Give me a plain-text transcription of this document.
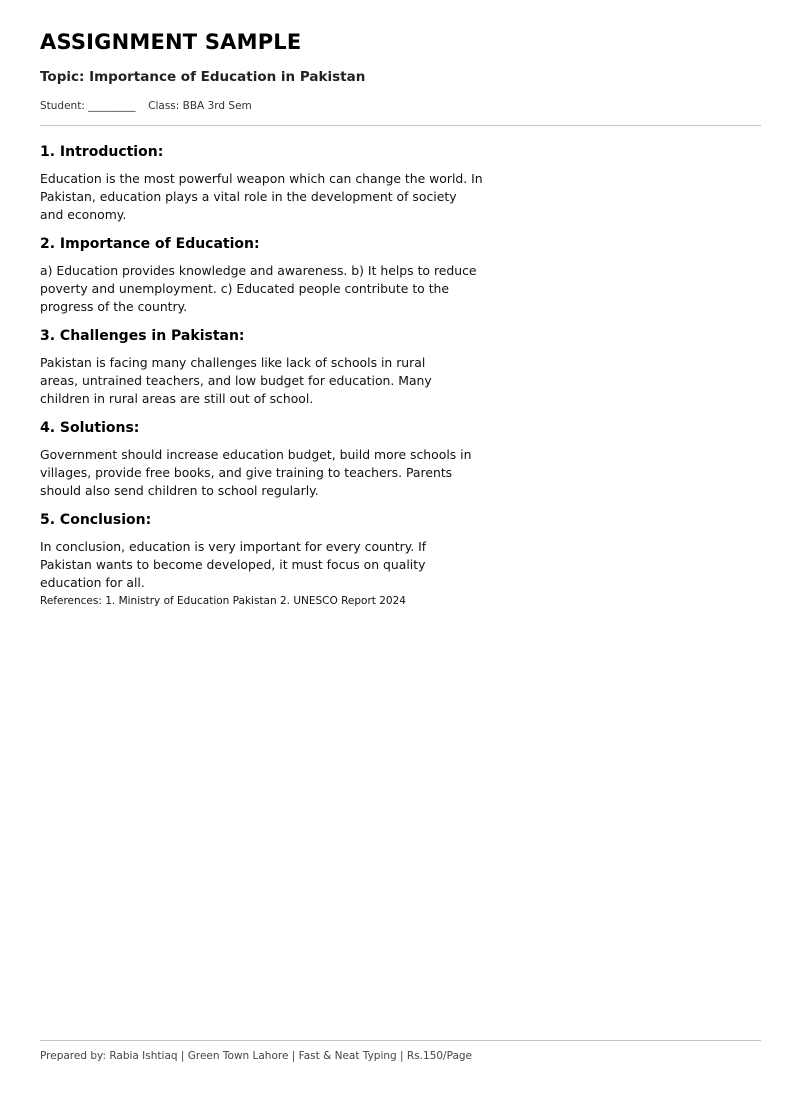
ASSIGNMENT SAMPLE
Topic: Importance of Education in Pakistan
Student: _________ Class: BBA 3rd Sem
1. Introduction:

Education is the most powerful weapon which can change the world. In
Pakistan, education plays a vital role in the development of society
and economy.

2. Importance of Education:

a) Education provides knowledge and awareness. b) It helps to reduce
poverty and unemployment. c) Educated people contribute to the
progress of the country.

3. Challenges in Pakistan:

Pakistan is facing many challenges like lack of schools in rural
areas, untrained teachers, and low budget for education. Many
children in rural areas are still out of school.

4. Solutions:

Government should increase education budget, build more schools in
villages, provide free books, and give training to teachers. Parents
should also send children to school regularly.

5. Conclusion:

In conclusion, education is very important for every country. If
Pakistan wants to become developed, it must focus on quality
education for all.

References: 1. Ministry of Education Pakistan 2. UNESCO Report 2024
Prepared by: Rabia Ishtiaq | Green Town Lahore | Fast & Neat Typing | Rs.150/Page
